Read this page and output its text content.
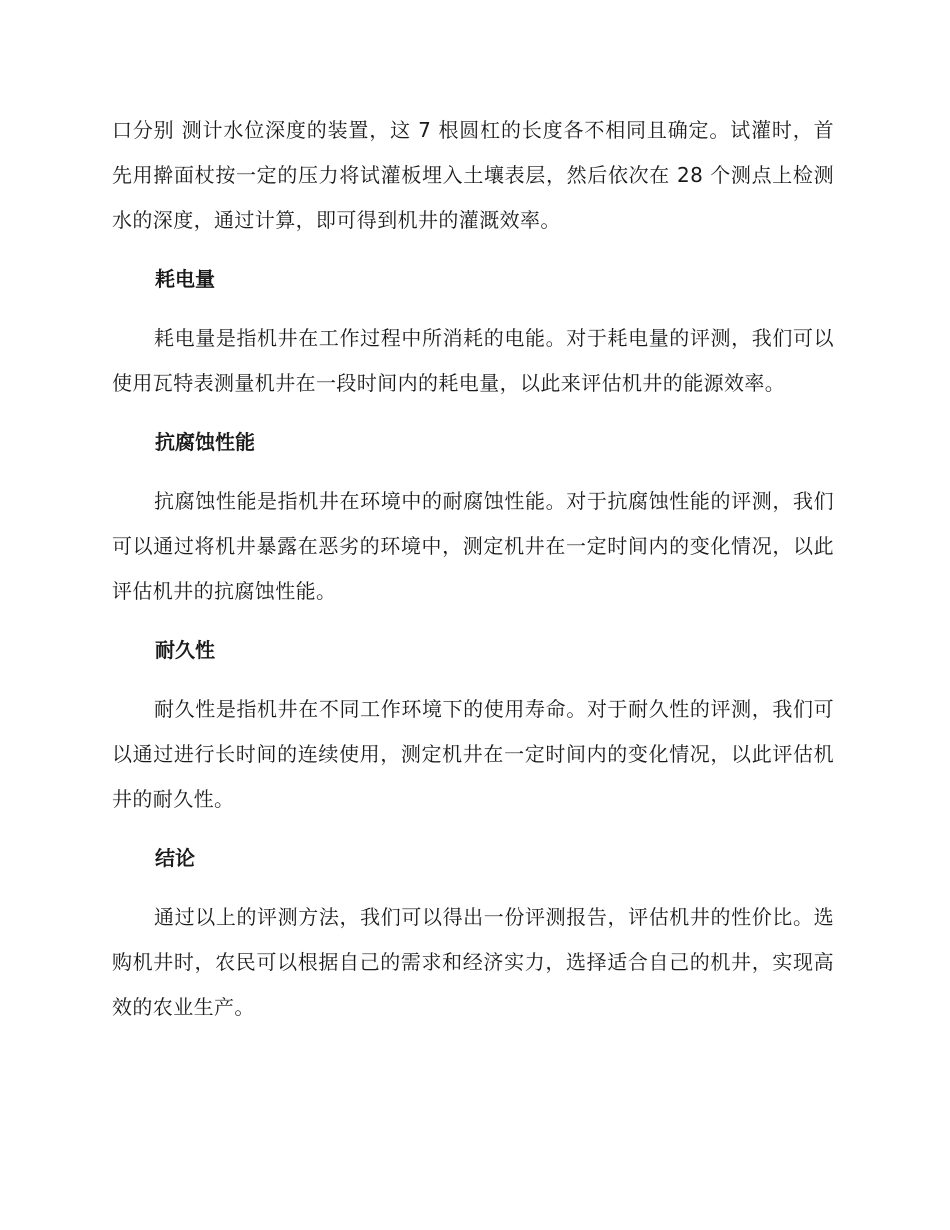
口分别 测计水位深度的装置，这 7 根圆杠的长度各不相同且确定。试灌时，首先用擀面杖按一定的压力将试灌板埋入土壤表层，然后依次在 28 个测点上检测水的深度，通过计算，即可得到机井的灌溉效率。

耗电量

耗电量是指机井在工作过程中所消耗的电能。对于耗电量的评测，我们可以使用瓦特表测量机井在一段时间内的耗电量，以此来评估机井的能源效率。

抗腐蚀性能

抗腐蚀性能是指机井在环境中的耐腐蚀性能。对于抗腐蚀性能的评测，我们可以通过将机井暴露在恶劣的环境中，测定机井在一定时间内的变化情况，以此评估机井的抗腐蚀性能。

耐久性

耐久性是指机井在不同工作环境下的使用寿命。对于耐久性的评测，我们可以通过进行长时间的连续使用，测定机井在一定时间内的变化情况，以此评估机井的耐久性。

结论

通过以上的评测方法，我们可以得出一份评测报告，评估机井的性价比。选购机井时，农民可以根据自己的需求和经济实力，选择适合自己的机井，实现高效的农业生产。
